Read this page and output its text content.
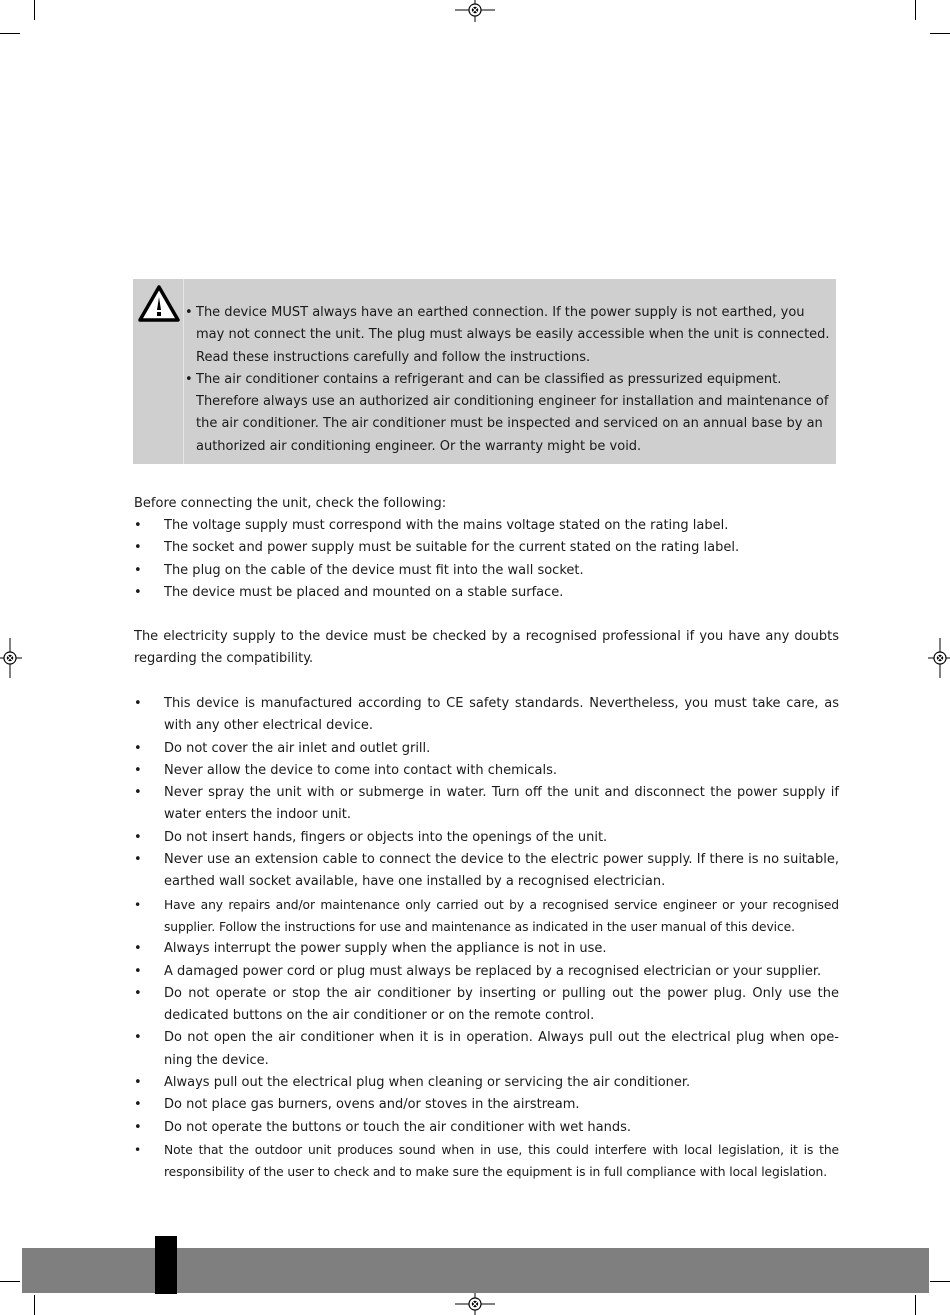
• The device MUST always have an earthed connection. If the power supply is not earthed, you may not connect the unit. The plug must always be easily accessible when the unit is connected. Read these instructions carefully and follow the instructions.
• The air conditioner contains a refrigerant and can be classified as pressurized equipment. Therefore always use an authorized air conditioning engineer for installation and maintenance of the air conditioner. The air conditioner must be inspected and serviced on an annual base by an authorized air conditioning engineer. Or the warranty might be void.

Before connecting the unit, check the following:

• The voltage supply must correspond with the mains voltage stated on the rating label.
• The socket and power supply must be suitable for the current stated on the rating label.
• The plug on the cable of the device must fit into the wall socket.
• The device must be placed and mounted on a stable surface.

The electricity supply to the device must be checked by a recognised professional if you have any doubts regarding the compatibility.

• This device is manufactured according to CE safety standards. Nevertheless, you must take care, as with any other electrical device.
• Do not cover the air inlet and outlet grill.
• Never allow the device to come into contact with chemicals.
• Never spray the unit with or submerge in water. Turn off the unit and disconnect the power supply if water enters the indoor unit.
• Do not insert hands, fingers or objects into the openings of the unit.
• Never use an extension cable to connect the device to the electric power supply. If there is no suitable, earthed wall socket available, have one installed by a recognised electrician.
• Have any repairs and/or maintenance only carried out by a recognised service engineer or your recognised supplier. Follow the instructions for use and maintenance as indicated in the user manual of this device.
• Always interrupt the power supply when the appliance is not in use.
• A damaged power cord or plug must always be replaced by a recognised electrician or your supplier.
• Do not operate or stop the air conditioner by inserting or pulling out the power plug. Only use the dedicated buttons on the air conditioner or on the remote control.
• Do not open the air conditioner when it is in operation. Always pull out the electrical plug when ope-ning the device.
• Always pull out the electrical plug when cleaning or servicing the air conditioner.
• Do not place gas burners, ovens and/or stoves in the airstream.
• Do not operate the buttons or touch the air conditioner with wet hands.
• Note that the outdoor unit produces sound when in use, this could interfere with local legislation, it is the responsibility of the user to check and to make sure the equipment is in full compliance with local legislation.
